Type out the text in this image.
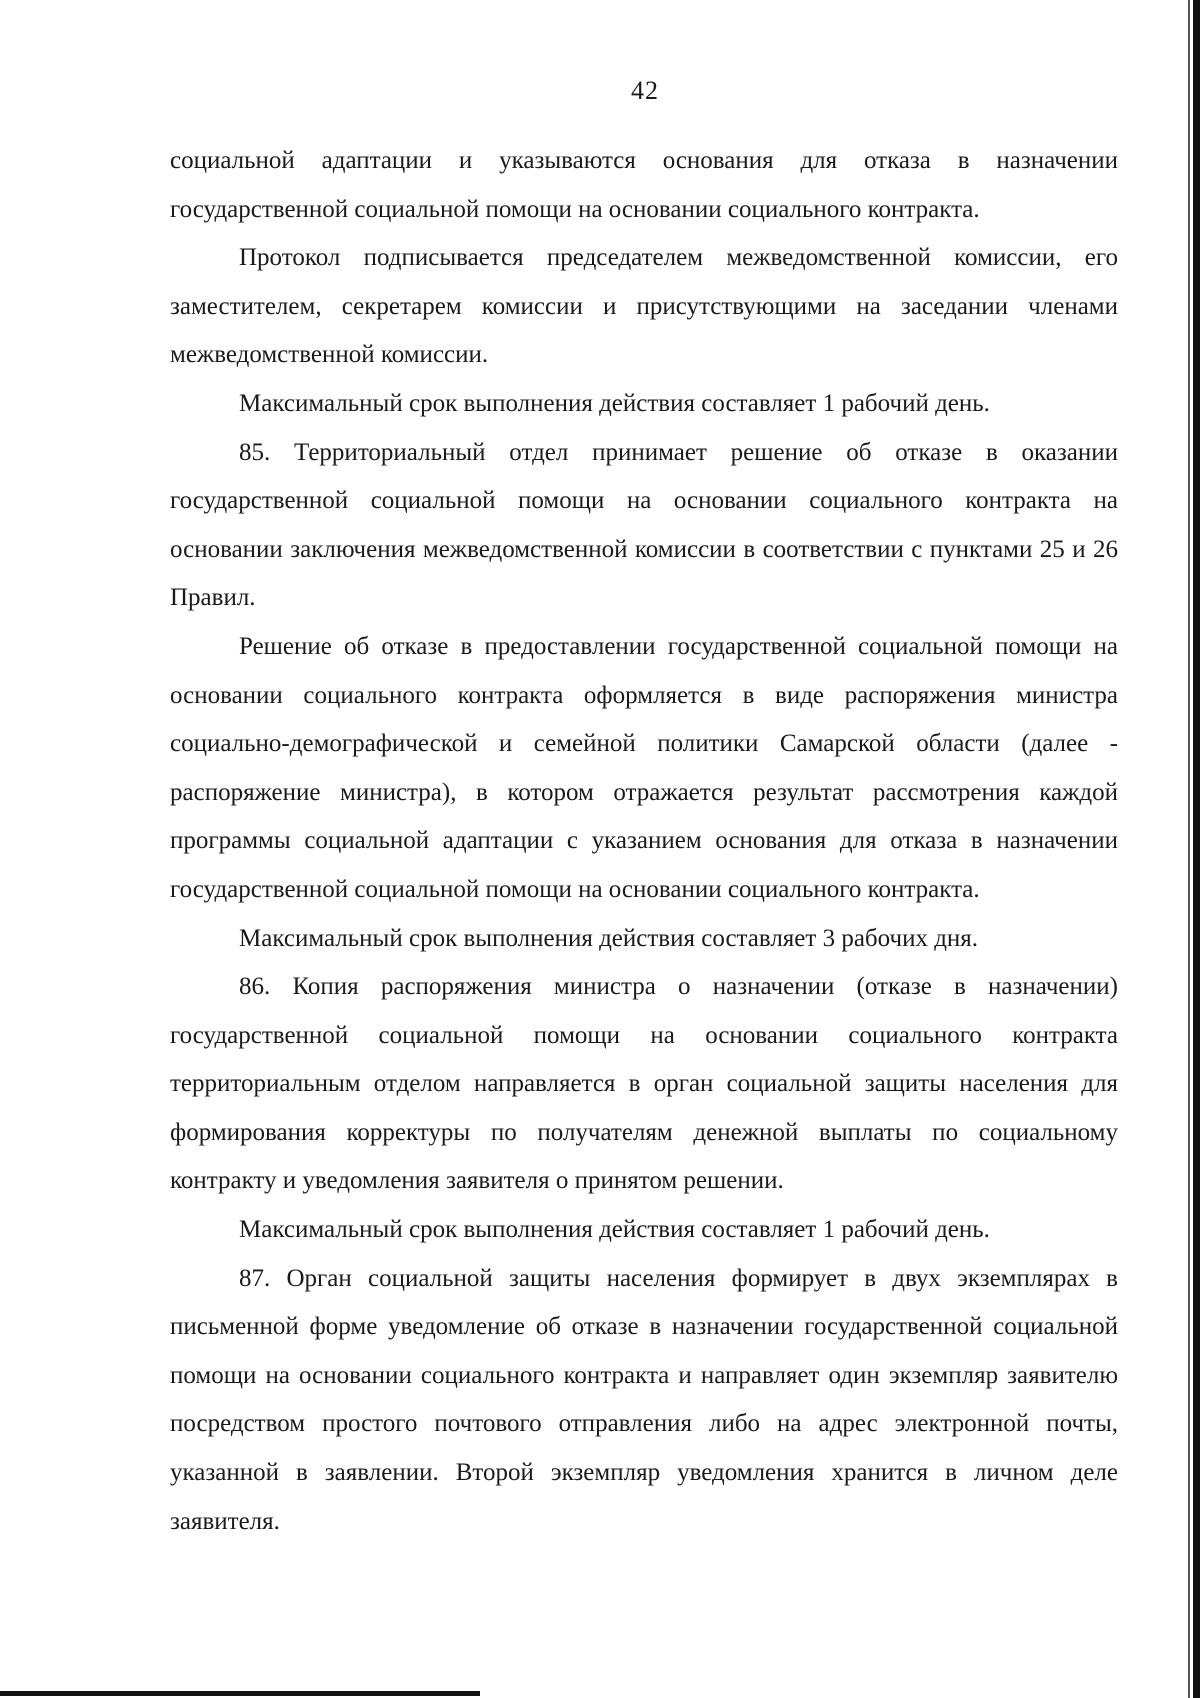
42

социальной адаптации и указываются основания для отказа в назначении государственной социальной помощи на основании социального контракта.

Протокол подписывается председателем межведомственной комиссии, его заместителем, секретарем комиссии и присутствующими на заседании членами межведомственной комиссии.

Максимальный срок выполнения действия составляет 1 рабочий день.

85. Территориальный отдел принимает решение об отказе в оказании государственной социальной помощи на основании социального контракта на основании заключения межведомственной комиссии в соответствии с пунктами 25 и 26 Правил.

Решение об отказе в предоставлении государственной социальной помощи на основании социального контракта оформляется в виде распоряжения министра социально-демографической и семейной политики Самарской области (далее - распоряжение министра), в котором отражается результат рассмотрения каждой программы социальной адаптации с указанием основания для отказа в назначении государственной социальной помощи на основании социального контракта.

Максимальный срок выполнения действия составляет 3 рабочих дня.

86. Копия распоряжения министра о назначении (отказе в назначении) государственной социальной помощи на основании социального контракта территориальным отделом направляется в орган социальной защиты населения для формирования корректуры по получателям денежной выплаты по социальному контракту и уведомления заявителя о принятом решении.

Максимальный срок выполнения действия составляет 1 рабочий день.

87. Орган социальной защиты населения формирует в двух экземплярах в письменной форме уведомление об отказе в назначении государственной социальной помощи на основании социального контракта и направляет один экземпляр заявителю посредством простого почтового отправления либо на адрес электронной почты, указанной в заявлении. Второй экземпляр уведомления хранится в личном деле заявителя.
